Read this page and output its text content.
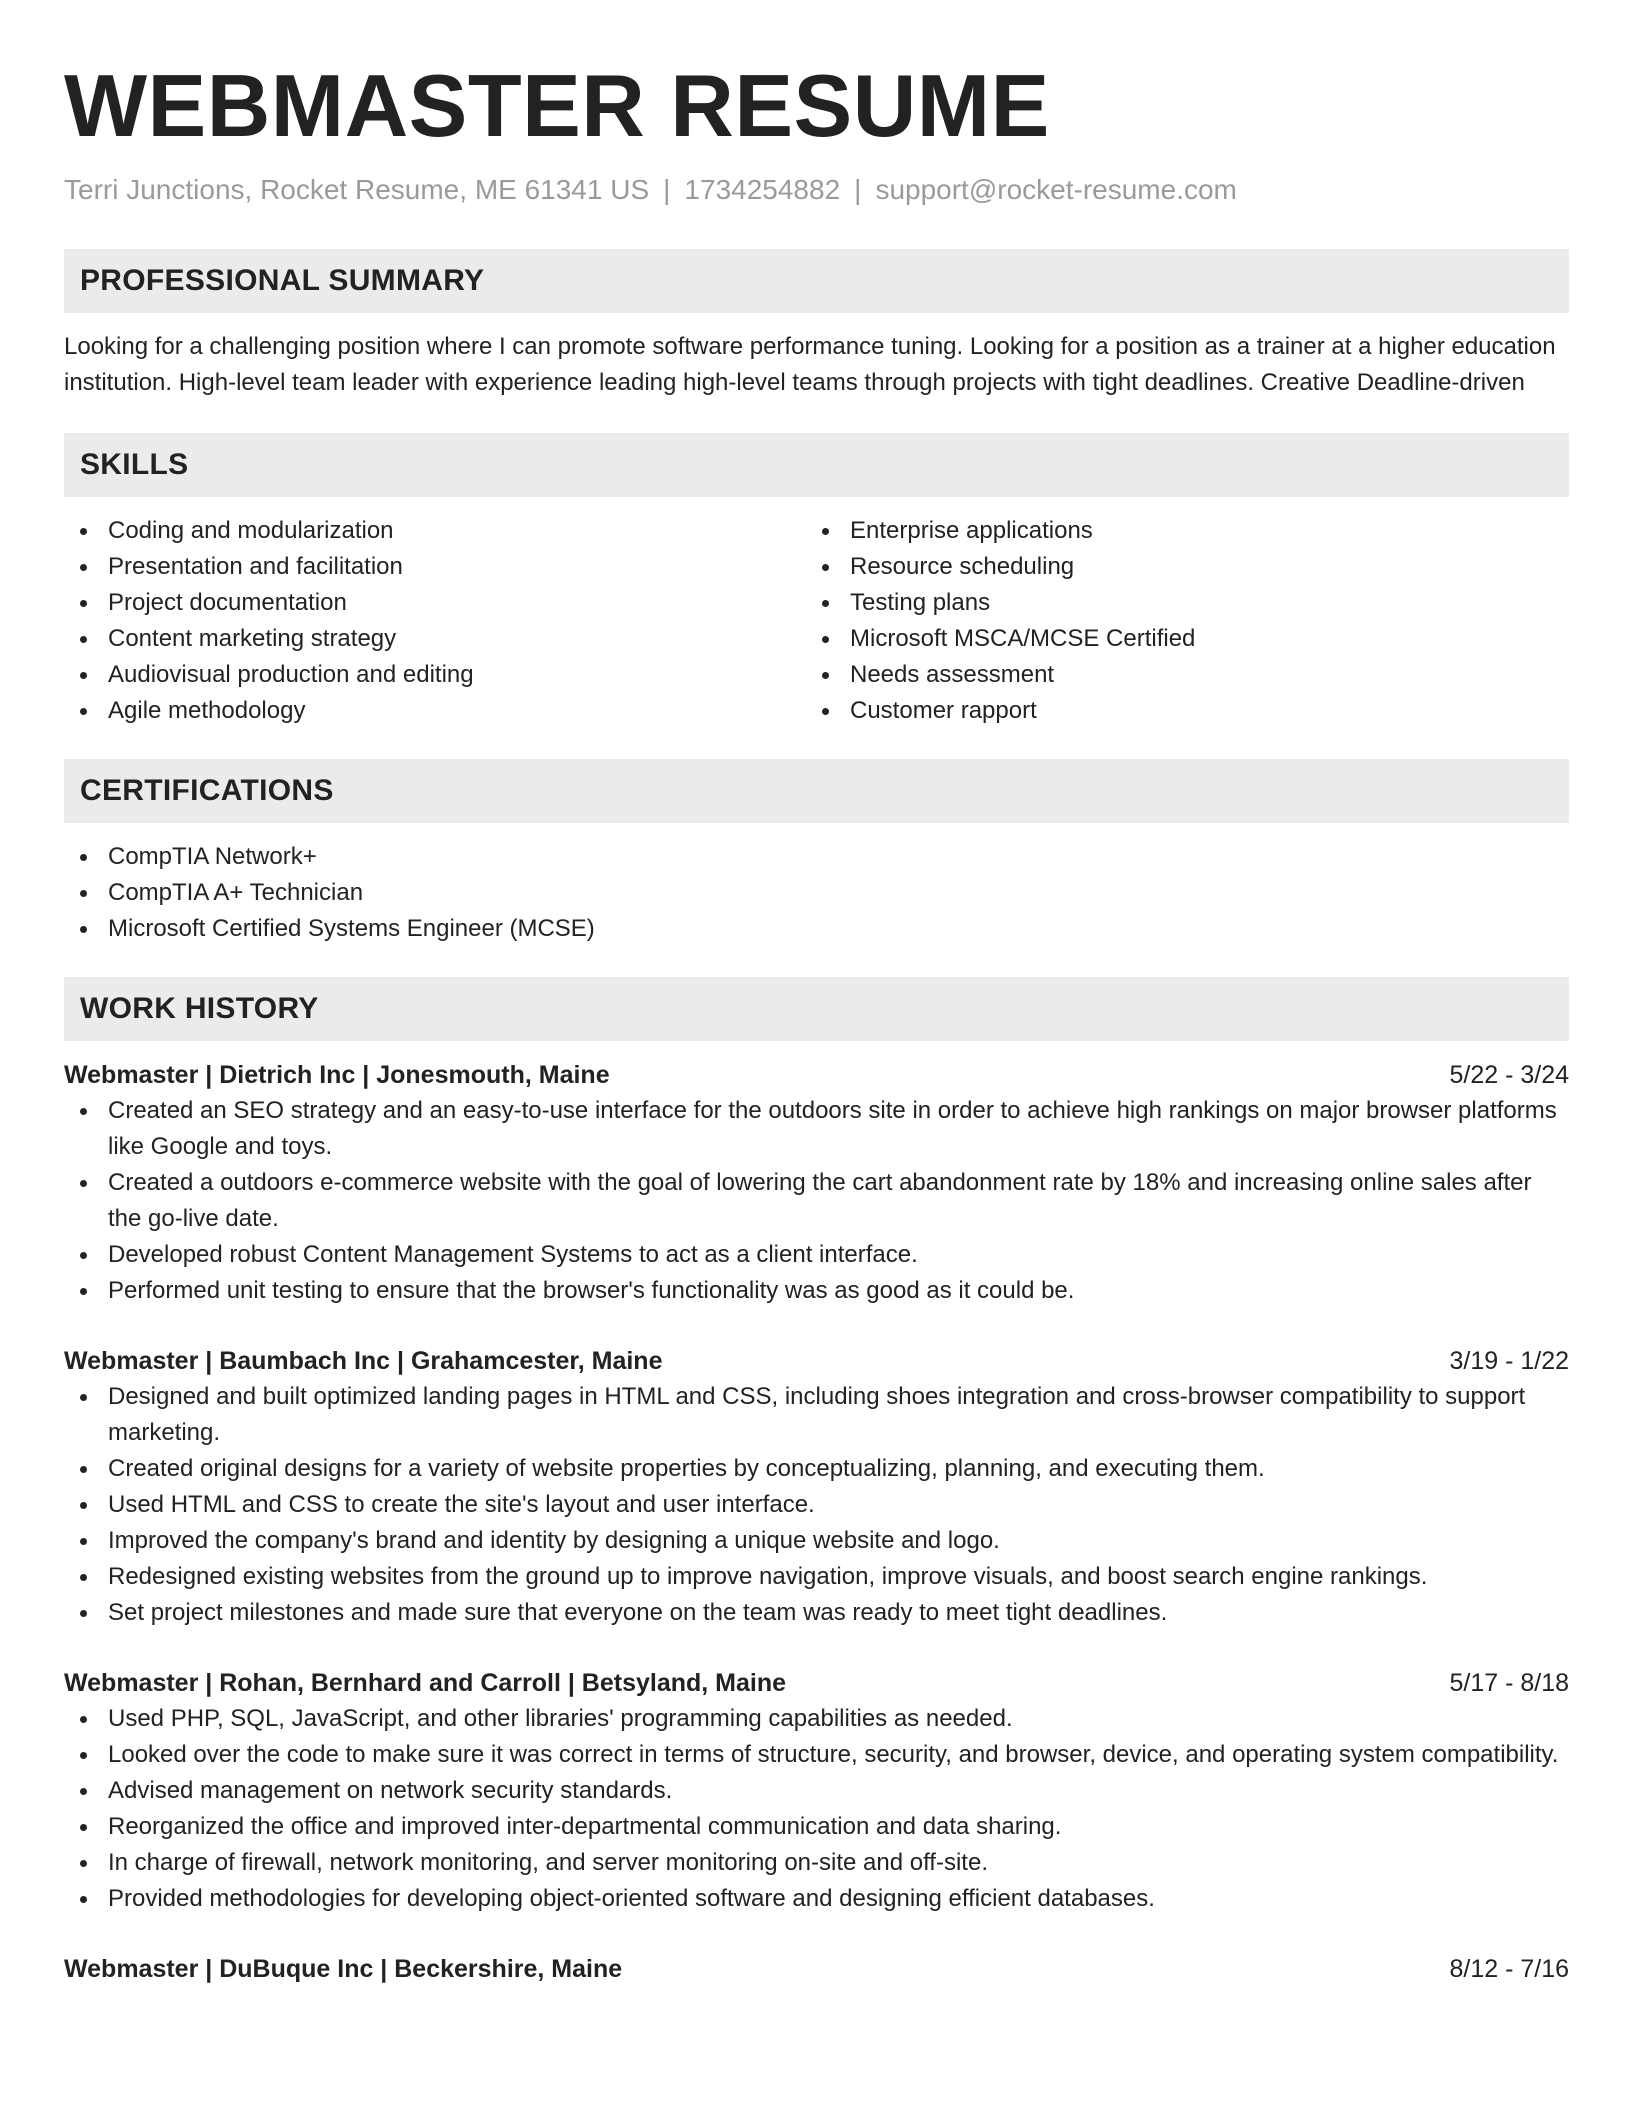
WEBMASTER RESUME
Terri Junctions, Rocket Resume, ME 61341 US | 1734254882 | support@rocket-resume.com
PROFESSIONAL SUMMARY

Looking for a challenging position where I can promote software performance tuning. Looking for a position as a trainer at a higher education institution. High-level team leader with experience leading high-level teams through projects with tight deadlines. Creative Deadline-driven

SKILLS
Coding and modularization
Presentation and facilitation
Project documentation
Content marketing strategy
Audiovisual production and editing
Agile methodology
Enterprise applications
Resource scheduling
Testing plans
Microsoft MSCA/MCSE Certified
Needs assessment
Customer rapport
CERTIFICATIONS
CompTIA Network+
CompTIA A+ Technician
Microsoft Certified Systems Engineer (MCSE)
WORK HISTORY
Webmaster | Dietrich Inc | Jonesmouth, Maine	5/22 - 3/24
Created an SEO strategy and an easy-to-use interface for the outdoors site in order to achieve high rankings on major browser platforms like Google and toys.
Created a outdoors e-commerce website with the goal of lowering the cart abandonment rate by 18% and increasing online sales after the go-live date.
Developed robust Content Management Systems to act as a client interface.
Performed unit testing to ensure that the browser's functionality was as good as it could be.
Webmaster | Baumbach Inc | Grahamcester, Maine	3/19 - 1/22
Designed and built optimized landing pages in HTML and CSS, including shoes integration and cross-browser compatibility to support marketing.
Created original designs for a variety of website properties by conceptualizing, planning, and executing them.
Used HTML and CSS to create the site's layout and user interface.
Improved the company's brand and identity by designing a unique website and logo.
Redesigned existing websites from the ground up to improve navigation, improve visuals, and boost search engine rankings.
Set project milestones and made sure that everyone on the team was ready to meet tight deadlines.
Webmaster | Rohan, Bernhard and Carroll | Betsyland, Maine	5/17 - 8/18
Used PHP, SQL, JavaScript, and other libraries' programming capabilities as needed.
Looked over the code to make sure it was correct in terms of structure, security, and browser, device, and operating system compatibility.
Advised management on network security standards.
Reorganized the office and improved inter-departmental communication and data sharing.
In charge of firewall, network monitoring, and server monitoring on-site and off-site.
Provided methodologies for developing object-oriented software and designing efficient databases.
Webmaster | DuBuque Inc | Beckershire, Maine	8/12 - 7/16
